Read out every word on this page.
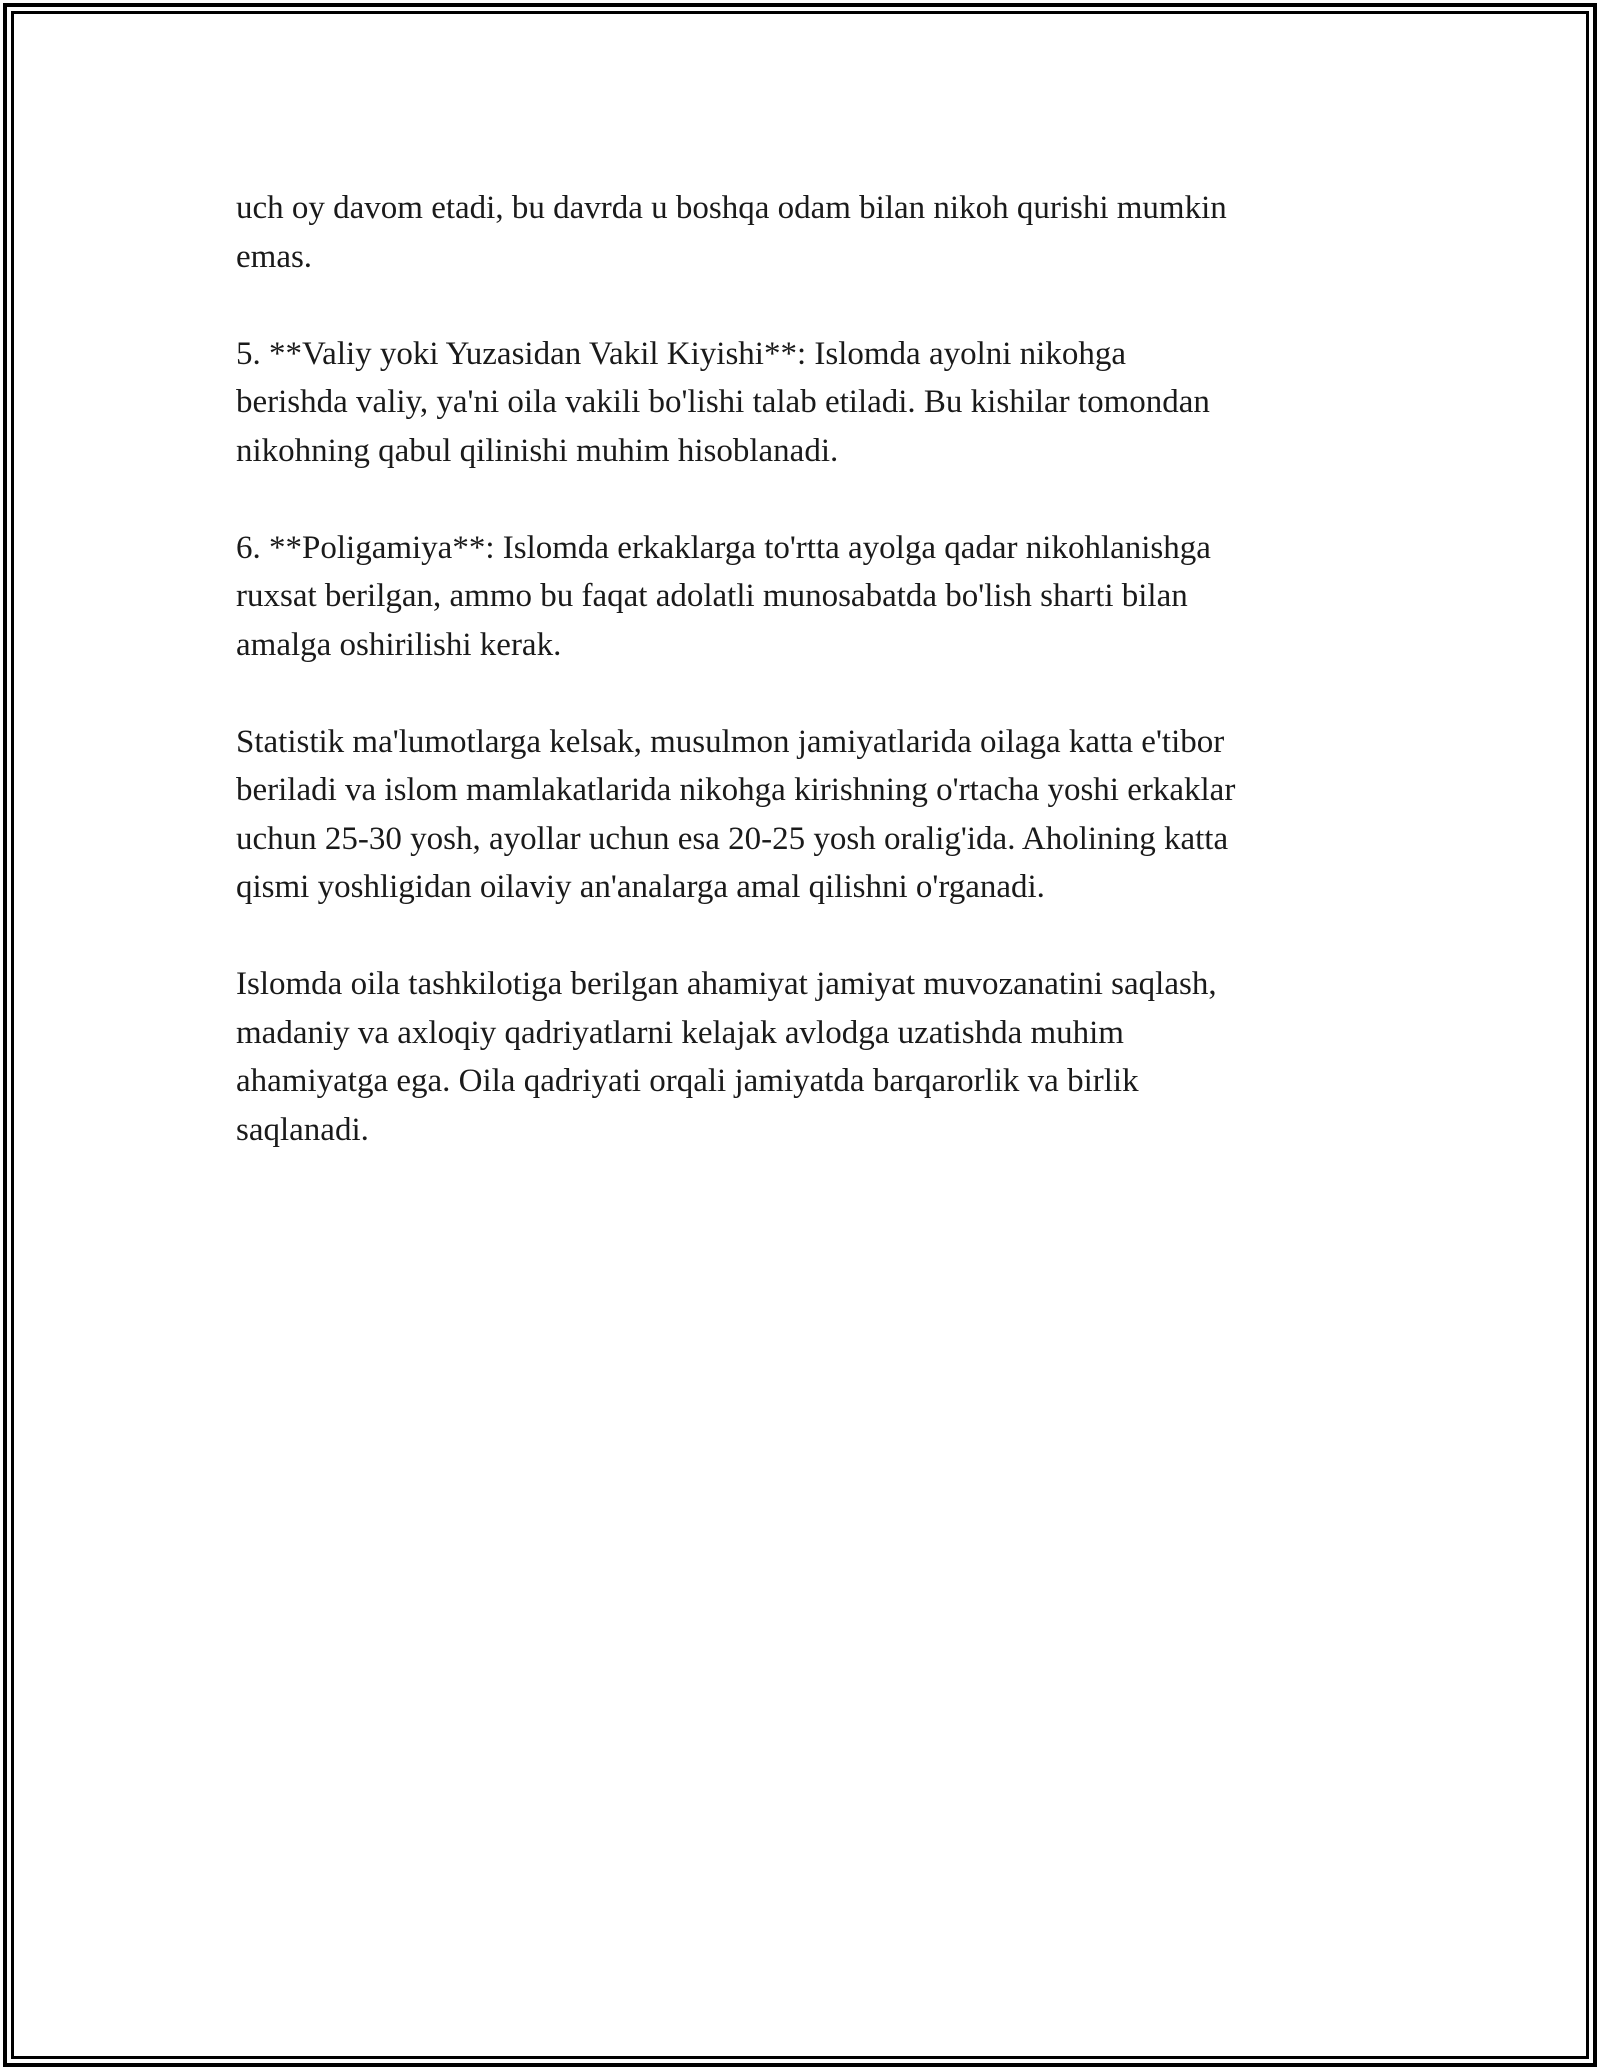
uch oy davom etadi, bu davrda u boshqa odam bilan nikoh qurishi mumkin
emas.

5. **Valiy yoki Yuzasidan Vakil Kiyishi**: Islomda ayolni nikohga
berishda valiy, ya'ni oila vakili bo'lishi talab etiladi. Bu kishilar tomondan
nikohning qabul qilinishi muhim hisoblanadi.

6. **Poligamiya**: Islomda erkaklarga to'rtta ayolga qadar nikohlanishga
ruxsat berilgan, ammo bu faqat adolatli munosabatda bo'lish sharti bilan
amalga oshirilishi kerak.

Statistik ma'lumotlarga kelsak, musulmon jamiyatlarida oilaga katta e'tibor
beriladi va islom mamlakatlarida nikohga kirishning o'rtacha yoshi erkaklar
uchun 25-30 yosh, ayollar uchun esa 20-25 yosh oralig'ida. Aholining katta
qismi yoshligidan oilaviy an'analarga amal qilishni o'rganadi.

Islomda oila tashkilotiga berilgan ahamiyat jamiyat muvozanatini saqlash,
madaniy va axloqiy qadriyatlarni kelajak avlodga uzatishda muhim
ahamiyatga ega. Oila qadriyati orqali jamiyatda barqarorlik va birlik
saqlanadi.
